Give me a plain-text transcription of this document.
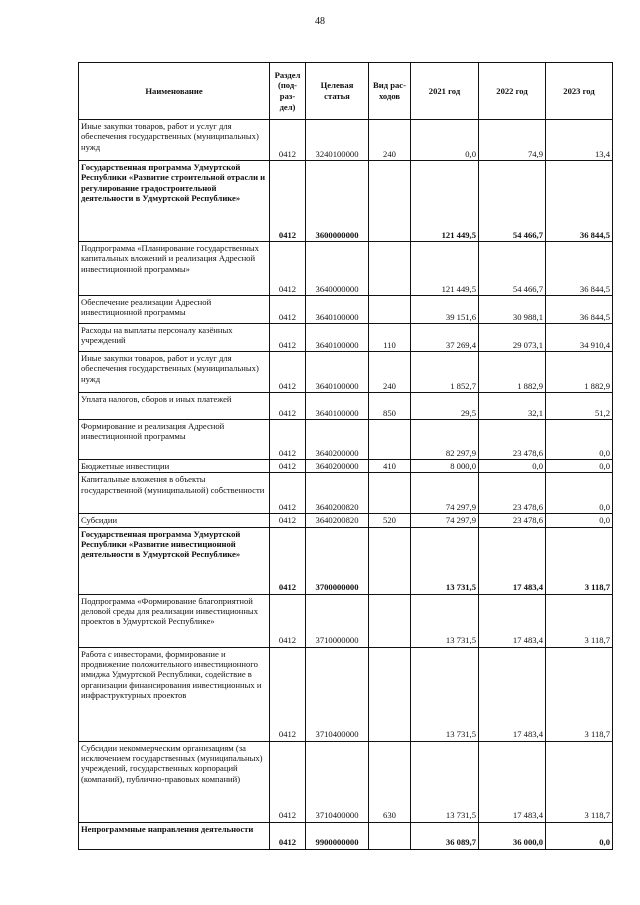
48
Наименование	Раздел (под-раз-дел)	Целевая статья	Вид рас-ходов	2021 год	2022 год	2023 год
Иные закупки товаров, работ и услуг для обеспечения государственных (муниципальных) нужд	0412	3240100000	240	0,0	74,9	13,4
Государственная программа Удмуртской Республики «Развитие строительной отрасли и регулирование градостроительной деятельности в Удмуртской Республике»	0412	3600000000		121 449,5	54 466,7	36 844,5
Подпрограмма «Планирование государственных капитальных вложений и реализация Адресной инвестиционной программы»	0412	3640000000		121 449,5	54 466,7	36 844,5
Обеспечение реализации Адресной инвестиционной программы	0412	3640100000		39 151,6	30 988,1	36 844,5
Расходы на выплаты персоналу казённых учреждений	0412	3640100000	110	37 269,4	29 073,1	34 910,4
Иные закупки товаров, работ и услуг для обеспечения государственных (муниципальных) нужд	0412	3640100000	240	1 852,7	1 882,9	1 882,9
Уплата налогов, сборов и иных платежей	0412	3640100000	850	29,5	32,1	51,2
Формирование и реализация Адресной инвестиционной программы	0412	3640200000		82 297,9	23 478,6	0,0
Бюджетные инвестиции	0412	3640200000	410	8 000,0	0,0	0,0
Капитальные вложения в объекты государственной (муниципальной) собственности	0412	3640200820		74 297,9	23 478,6	0,0
Субсидии	0412	3640200820	520	74 297,9	23 478,6	0,0
Государственная программа Удмуртской Республики «Развитие инвестиционной деятельности в Удмуртской Республике»	0412	3700000000		13 731,5	17 483,4	3 118,7
Подпрограмма «Формирование благоприятной деловой среды для реализации инвестиционных проектов в Удмуртской Республике»	0412	3710000000		13 731,5	17 483,4	3 118,7
Работа с инвесторами, формирование и продвижение положительного инвестиционного имиджа Удмуртской Республики, содействие в организации финансирования инвестиционных и инфраструктурных проектов	0412	3710400000		13 731,5	17 483,4	3 118,7
Субсидии некоммерческим организациям (за исключением государственных (муниципальных) учреждений, государственных корпораций (компаний), публично-правовых компаний)	0412	3710400000	630	13 731,5	17 483,4	3 118,7
Непрограммные направления деятельности	0412	9900000000		36 089,7	36 000,0	0,0
